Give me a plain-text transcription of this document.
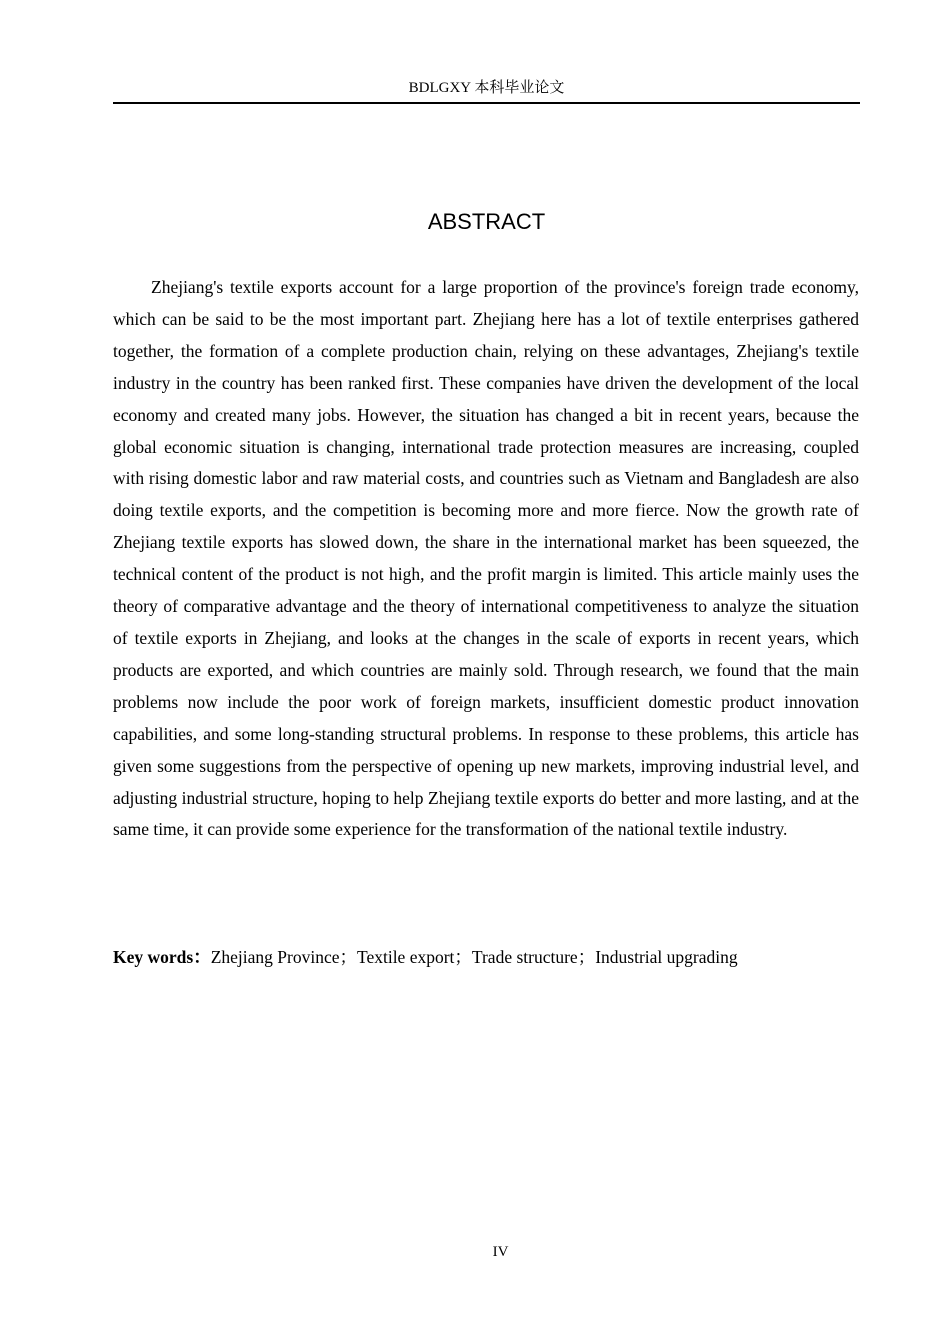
BDLGXY 本科毕业论文
ABSTRACT

Zhejiang's textile exports account for a large proportion of the province's foreign trade economy, which can be said to be the most important part. Zhejiang here has a lot of textile enterprises gathered together, the formation of a complete production chain, relying on these advantages, Zhejiang's textile industry in the country has been ranked first. These companies have driven the development of the local economy and created many jobs. However, the situation has changed a bit in recent years, because the global economic situation is changing, international trade protection measures are increasing, coupled with rising domestic labor and raw material costs, and countries such as Vietnam and Bangladesh are also doing textile exports, and the competition is becoming more and more fierce. Now the growth rate of Zhejiang textile exports has slowed down, the share in the international market has been squeezed, the technical content of the product is not high, and the profit margin is limited. This article mainly uses the theory of comparative advantage and the theory of international competitiveness to analyze the situation of textile exports in Zhejiang, and looks at the changes in the scale of exports in recent years, which products are exported, and which countries are mainly sold. Through research, we found that the main problems now include the poor work of foreign markets, insufficient domestic product innovation capabilities, and some long-standing structural problems. In response to these problems, this article has given some suggestions from the perspective of opening up new markets, improving industrial level, and adjusting industrial structure, hoping to help Zhejiang textile exports do better and more lasting, and at the same time, it can provide some experience for the transformation of the national textile industry.

Key words：Zhejiang Province；Textile export；Trade structure；Industrial upgrading

IV
